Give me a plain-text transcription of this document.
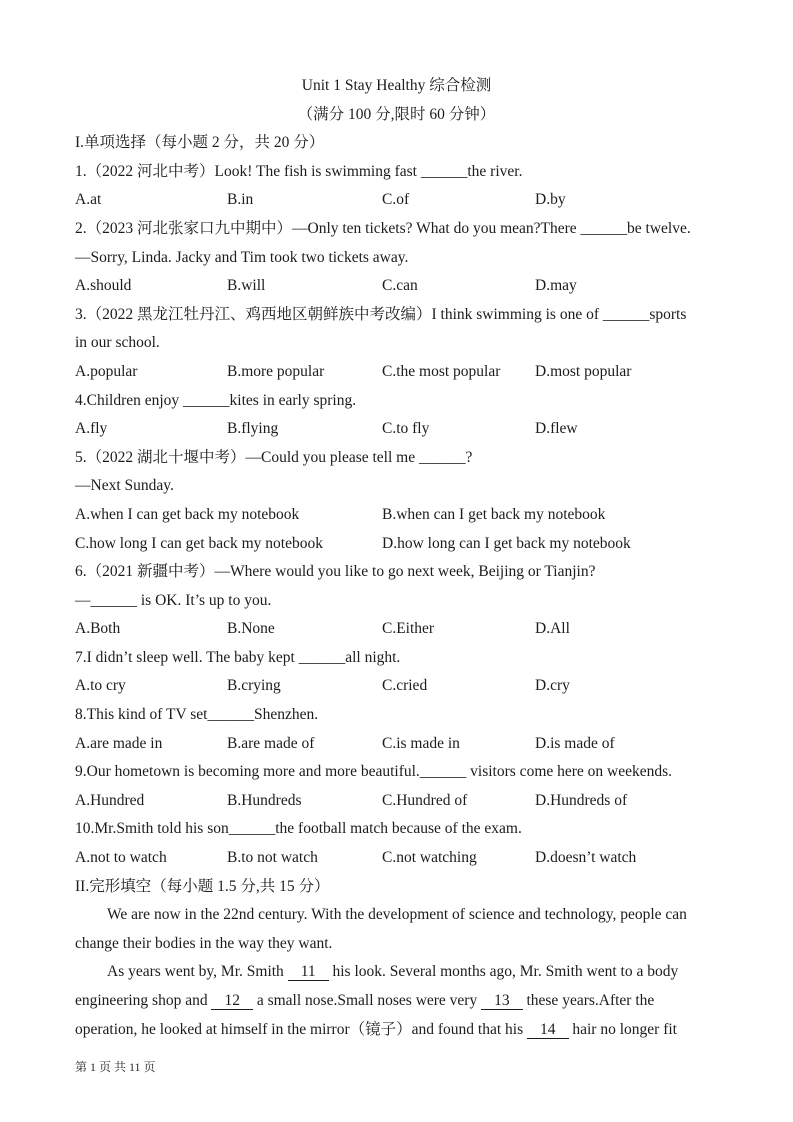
Unit 1 Stay Healthy 综合检测
（满分 100 分,限时 60 分钟）
I.单项选择（每小题 2 分，共 20 分）
1.（2022 河北中考）Look! The fish is swimming fast ______the river.
A.at	B.in	C.of	D.by
2.（2023 河北张家口九中期中）—Only ten tickets? What do you mean?There ______be twelve.
—Sorry, Linda. Jacky and Tim took two tickets away.
A.should	B.will	C.can	D.may
3.（2022 黑龙江牡丹江、鸡西地区朝鲜族中考改编）I think swimming is one of ______sports
in our school.
A.popular	B.more popular	C.the most popular	D.most popular
4.Children enjoy ______kites in early spring.
A.fly	B.flying	C.to fly	D.flew
5.（2022 湖北十堰中考）—Could you please tell me ______?
—Next Sunday.
A.when I can get back my notebook	B.when can I get back my notebook
C.how long I can get back my notebook	D.how long can I get back my notebook
6.（2021 新疆中考）—Where would you like to go next week, Beijing or Tianjin?
—______ is OK. It’s up to you.
A.Both	B.None	C.Either	D.All
7.I didn’t sleep well. The baby kept ______all night.
A.to cry	B.crying	C.cried	D.cry
8.This kind of TV set______Shenzhen.
A.are made in	B.are made of	C.is made in	D.is made of
9.Our hometown is becoming more and more beautiful.______ visitors come here on weekends.
A.Hundred	B.Hundreds	C.Hundred of	D.Hundreds of
10.Mr.Smith told his son______the football match because of the exam.
A.not to watch	B.to not watch	C.not watching	D.doesn’t watch
II.完形填空（每小题 1.5 分,共 15 分）
We are now in the 22nd century. With the development of science and technology, people can
change their bodies in the way they want.
As years went by, Mr. Smith 11 his look. Several months ago, Mr. Smith went to a body
engineering shop and 12 a small nose.Small noses were very 13 these years.After the
operation, he looked at himself in the mirror（镜子）and found that his 14 hair no longer fit
第 1 页 共 11 页
